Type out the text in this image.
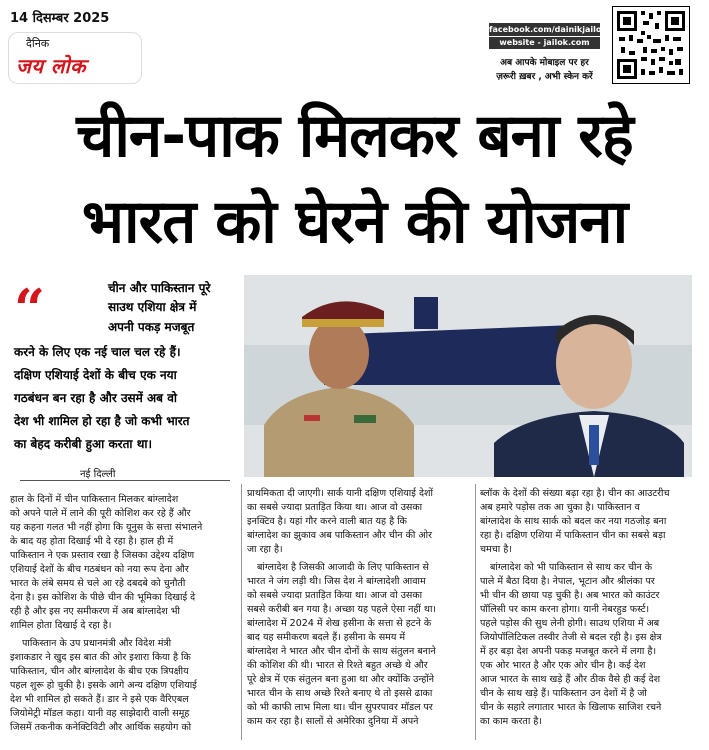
14 दिसम्बर 2025
दैनिक
जय लोक
facebook.com/dainikjailok
website - jailok.com
अब आपके मोबाइल पर हर
ज़रूरी ख़बर , अभी स्केन करें
चीन-पाक मिलकर बना रहे
भारत को घेरने की योजना
“	चीन और पाकिस्तान पूरे
साउथ एशिया क्षेत्र में
अपनी पकड़ मजबूत
करने के लिए एक नई चाल चल रहे हैं।
दक्षिण एशियाई देशों के बीच एक नया
गठबंधन बन रहा है और उसमें अब वो
देश भी शामिल हो रहा है जो कभी भारत
का बेहद करीबी हुआ करता था।
नई दिल्ली
हाल के दिनों में चीन पाकिस्तान मिलकर बांग्लादेश
को अपने पाले में लाने की पूरी कोशिश कर रहे हैं और
यह कहना गलत भी नहीं होगा कि यूनुस के सत्ता संभालने
के बाद यह होता दिखाई भी दे रहा है। हाल ही में
पाकिस्तान ने एक प्रस्ताव रखा है जिसका उद्देश्य दक्षिण
एशियाई देशों के बीच गठबंधन को नया रूप देना और
भारत के लंबे समय से चले आ रहे दबदबे को चुनौती
देना है। इस कोशिश के पीछे चीन की भूमिका दिखाई दे
रही है और इस नए समीकरण में अब बांग्लादेश भी
शामिल होता दिखाई दे रहा है।
पाकिस्तान के उप प्रधानमंत्री और विदेश मंत्री
इशाकडार ने खुद इस बात की ओर इशारा किया है कि
पाकिस्तान, चीन और बांग्लादेश के बीच एक त्रिपक्षीय
पहल शुरू हो चुकी है। इसके आगे अन्य दक्षिण एशियाई
देश भी शामिल हो सकते हैं। डार ने इसे एक वैरिएबल
जियोमेट्री मॉडल कहा। यानी वह साझेदारी वाली समूह
जिसमें तकनीक कनेक्टिविटी और आर्थिक सहयोग को
प्राथमिकता दी जाएगी। सार्क यानी दक्षिण एशियाई देशों
का सबसे ज्यादा प्रताड़ित किया था। आज वो उसका
इनक्टिव है। यहां गौर करने वाली बात यह है कि
बांग्लादेश का झुकाव अब पाकिस्तान और चीन की ओर
जा रहा है।
बांग्लादेश है जिसकी आजादी के लिए पाकिस्तान से
भारत ने जंग लड़ी थी। जिस देश ने बांग्लादेशी आवाम
को सबसे ज्यादा प्रताड़ित किया था। आज वो उसका
सबसे करीबी बन गया है। अच्छा यह पहले ऐसा नहीं था।
बांग्लादेश में 2024 में शेख हसीना के सत्ता से हटने के
बाद यह समीकरण बदले हैं। हसीना के समय में
बांग्लादेश ने भारत और चीन दोनों के साथ संतुलन बनाने
की कोशिश की थी। भारत से रिश्ते बहुत अच्छे थे और
पूरे क्षेत्र में एक संतुलन बना हुआ था और क्योंकि उन्होंने
भारत चीन के साथ अच्छे रिश्ते बनाए थे तो इससे ढाका
को भी काफी लाभ मिला था। चीन सुपरपावर मॉडल पर
काम कर रहा है। सालों से अमेरिका दुनिया में अपने
ब्लॉक के देशों की संख्या बढ़ा रहा है। चीन का आउटरीच
अब हमारे पड़ोस तक आ चुका है। पाकिस्तान व
बांग्लादेश के साथ सार्क को बदल कर नया गठजोड़ बना
रहा है। दक्षिण एशिया में पाकिस्तान चीन का सबसे बड़ा
चमचा है।
बांग्लादेश को भी पाकिस्तान से साथ कर चीन के
पाले में बैठा दिया है। नेपाल, भूटान और श्रीलंका पर
भी चीन की छाया पड़ चुकी है। अब भारत को काउंटर
पॉलिसी पर काम करना होगा। यानी नेबरहुड फर्स्ट।
पहले पड़ोस की सुध लेनी होगी। साउथ एशिया में अब
जियोपॉलिटिकल तस्वीर तेजी से बदल रही है। इस क्षेत्र
में हर बड़ा देश अपनी पकड़ मजबूत करने में लगा है।
एक ओर भारत है और एक ओर चीन है। कई देश
आज भारत के साथ खड़े हैं और ठीक वैसे ही कई देश
चीन के साथ खड़े हैं। पाकिस्तान उन देशों में है जो
चीन के सहारे लगातार भारत के खिलाफ साजिश रचने
का काम करता है।
